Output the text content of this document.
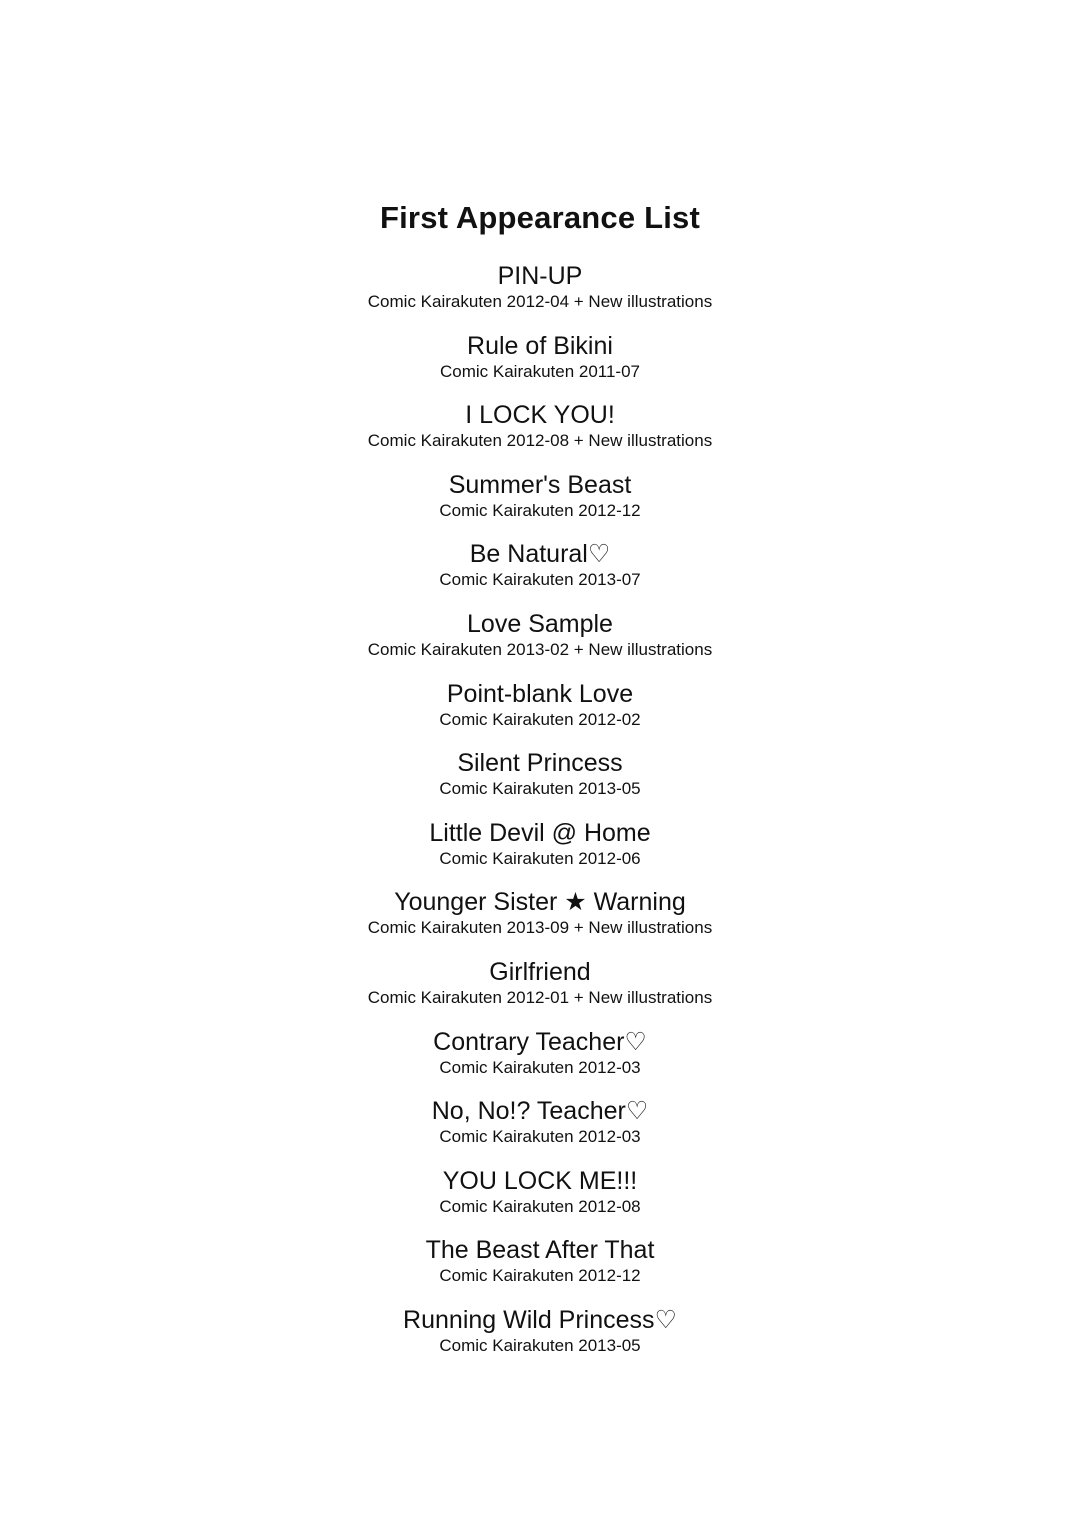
First Appearance List
PIN-UP
Comic Kairakuten 2012-04 + New illustrations
Rule of Bikini
Comic Kairakuten 2011-07
I LOCK YOU!
Comic Kairakuten 2012-08 + New illustrations
Summer's Beast
Comic Kairakuten 2012-12
Be Natural♡
Comic Kairakuten 2013-07
Love Sample
Comic Kairakuten 2013-02 + New illustrations
Point-blank Love
Comic Kairakuten 2012-02
Silent Princess
Comic Kairakuten 2013-05
Little Devil @ Home
Comic Kairakuten 2012-06
Younger Sister ★ Warning
Comic Kairakuten 2013-09 + New illustrations
Girlfriend
Comic Kairakuten 2012-01 + New illustrations
Contrary Teacher♡
Comic Kairakuten 2012-03
No, No!? Teacher♡
Comic Kairakuten 2012-03
YOU LOCK ME!!!
Comic Kairakuten 2012-08
The Beast After That
Comic Kairakuten 2012-12
Running Wild Princess♡
Comic Kairakuten 2013-05
